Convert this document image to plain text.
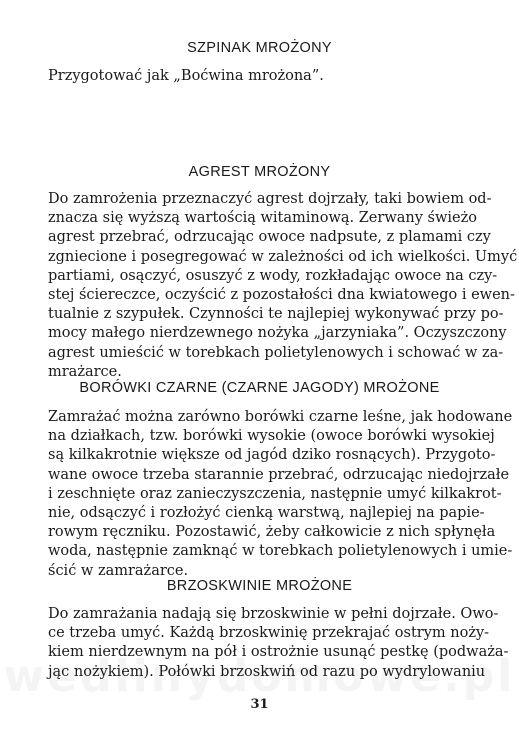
SZPINAK MROŻONY

Przygotować jak „Boćwina mrożona”.

AGREST MROŻONY

Do zamrożenia przeznaczyć agrest dojrzały, taki bowiem od-
znacza się wyższą wartością witaminową. Zerwany świeżo
agrest przebrać, odrzucając owoce nadpsute, z plamami czy
zgniecione i posegregować w zależności od ich wielkości. Umyć
partiami, osączyć, osuszyć z wody, rozkładając owoce na czy-
stej ściereczce, oczyścić z pozostałości dna kwiatowego i ewen-
tualnie z szypułek. Czynności te najlepiej wykonywać przy po-
mocy małego nierdzewnego nożyka „jarzyniaka”. Oczyszczony
agrest umieścić w torebkach polietylenowych i schować w za-
mrażarce.

BORÓWKI CZARNE (CZARNE JAGODY) MROŻONE

Zamrażać można zarówno borówki czarne leśne, jak hodowane
na działkach, tzw. borówki wysokie (owoce borówki wysokiej
są kilkakrotnie większe od jagód dziko rosnących). Przygoto-
wane owoce trzeba starannie przebrać, odrzucając niedojrzałe
i zeschnięte oraz zanieczyszczenia, następnie umyć kilkakrot-
nie, odsączyć i rozłożyć cienką warstwą, najlepiej na papie-
rowym ręczniku. Pozostawić, żeby całkowicie z nich spłynęła
woda, następnie zamknąć w torebkach polietylenowych i umie-
ścić w zamrażarce.

BRZOSKWINIE MROŻONE

Do zamrażania nadają się brzoskwinie w pełni dojrzałe. Owo-
ce trzeba umyć. Każdą brzoskwinię przekrajać ostrym noży-
kiem nierdzewnym na pół i ostrożnie usunąć pestkę (podważa-
jąc nożykiem). Połówki brzoskwiń od razu po wydrylowaniu

31
